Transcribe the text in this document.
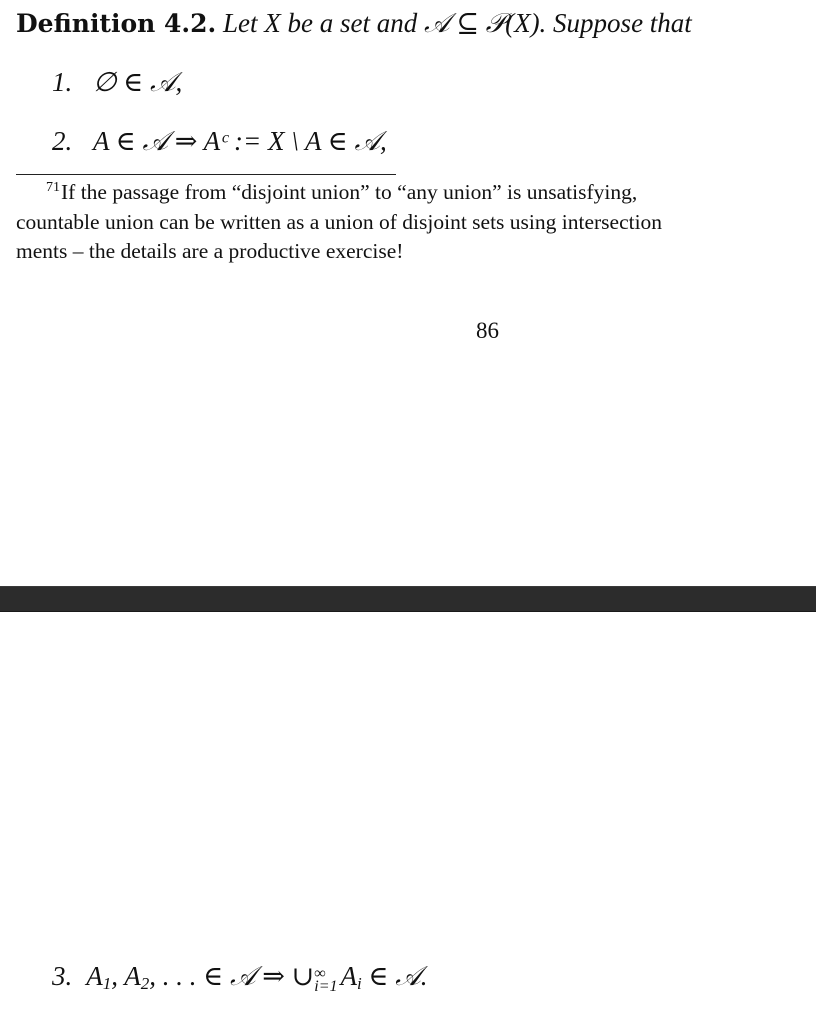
Definition 4.2. Let X be a set and 𝒜 ⊆ 𝒫(X). Suppose that
1. ∅ ∈ 𝒜,
2. A ∈ 𝒜 ⇒ Aᶜ := X \ A ∈ 𝒜,
$^{71}$If the passage from “disjoint union” to “any union” is unsatisfying,
countable union can be written as a union of disjoint sets using intersection
ments – the details are a productive exercise!
86
3. $A_1$, $A_2$, . . . ∈ 𝒜 ⇒ ∪ ∞
i=1 $A_i$ ∈ 𝒜.
